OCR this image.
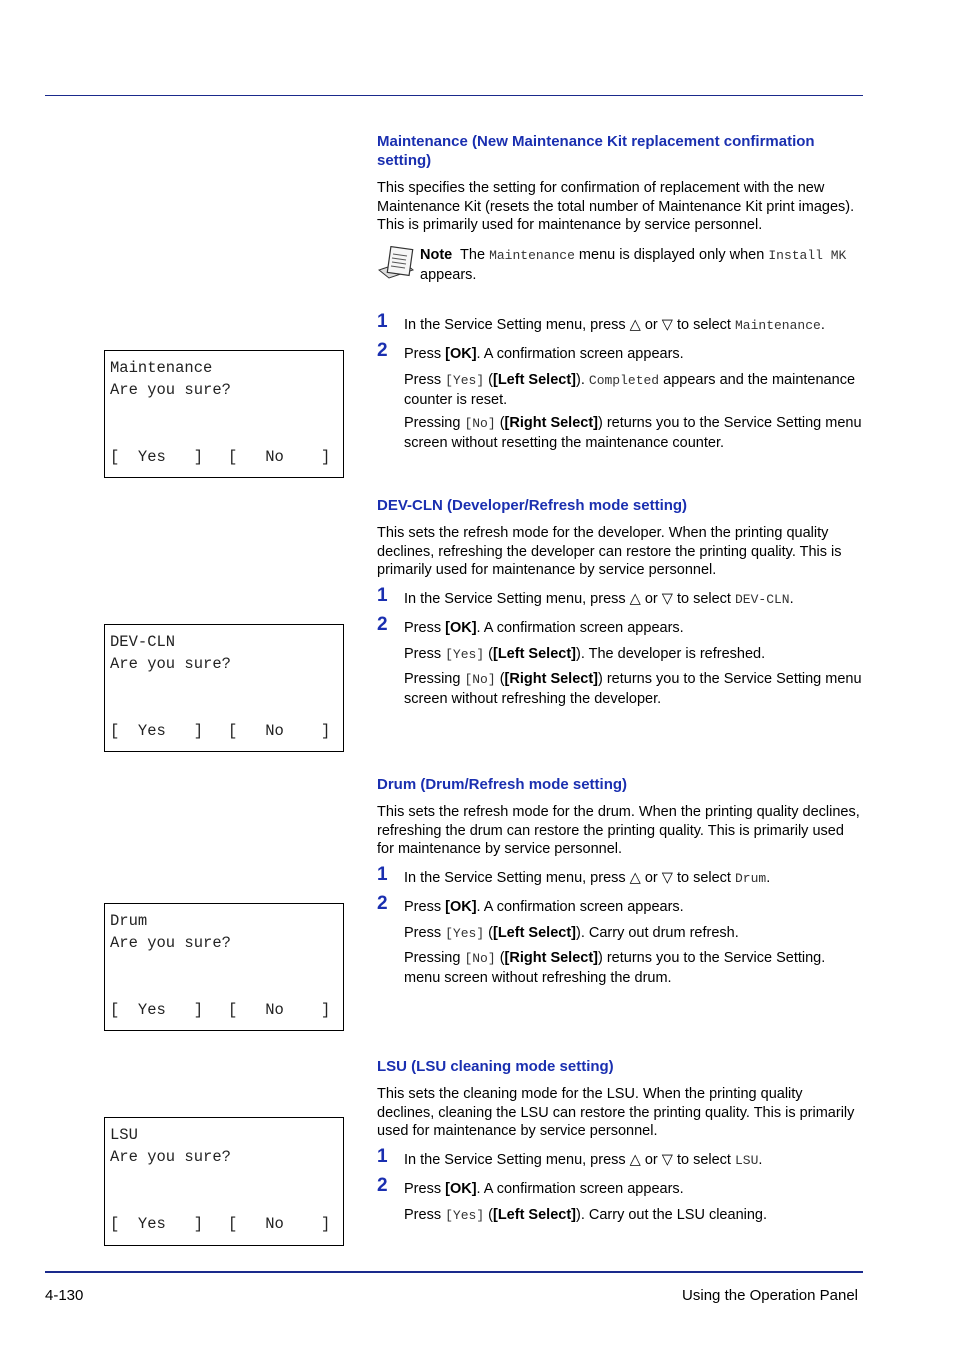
Maintenance (New Maintenance Kit replacement confirmation setting)
This specifies the setting for confirmation of replacement with the new Maintenance Kit (resets the total number of Maintenance Kit print images). This is primarily used for maintenance by service personnel.
Note The Maintenance menu is displayed only when Install MK appears.
1 In the Service Setting menu, press △ or ▽ to select Maintenance.
2 Press [OK]. A confirmation screen appears.
Press [Yes] ([Left Select]). Completed appears and the maintenance counter is reset.
Pressing [No] ([Right Select]) returns you to the Service Setting menu screen without resetting the maintenance counter.
Maintenance
Are you sure?
[  Yes   ] [   No    ]
DEV-CLN (Developer/Refresh mode setting)
This sets the refresh mode for the developer. When the printing quality declines, refreshing the developer can restore the printing quality. This is primarily used for maintenance by service personnel.
1 In the Service Setting menu, press △ or ▽ to select DEV-CLN.
2 Press [OK]. A confirmation screen appears.
Press [Yes] ([Left Select]). The developer is refreshed.
Pressing [No] ([Right Select]) returns you to the Service Setting menu screen without refreshing the developer.
DEV-CLN
Are you sure?
[  Yes   ] [   No    ]
Drum (Drum/Refresh mode setting)
This sets the refresh mode for the drum. When the printing quality declines, refreshing the drum can restore the printing quality. This is primarily used for maintenance by service personnel.
1 In the Service Setting menu, press △ or ▽ to select Drum.
2 Press [OK]. A confirmation screen appears.
Press [Yes] ([Left Select]). Carry out drum refresh.
Pressing [No] ([Right Select]) returns you to the Service Setting. menu screen without refreshing the drum.
Drum
Are you sure?
[  Yes   ] [   No    ]
LSU (LSU cleaning mode setting)
This sets the cleaning mode for the LSU. When the printing quality declines, cleaning the LSU can restore the printing quality. This is primarily used for maintenance by service personnel.
1 In the Service Setting menu, press △ or ▽ to select LSU.
2 Press [OK]. A confirmation screen appears.
Press [Yes] ([Left Select]). Carry out the LSU cleaning.
LSU
Are you sure?
[  Yes   ] [   No    ]
4-130	Using the Operation Panel
